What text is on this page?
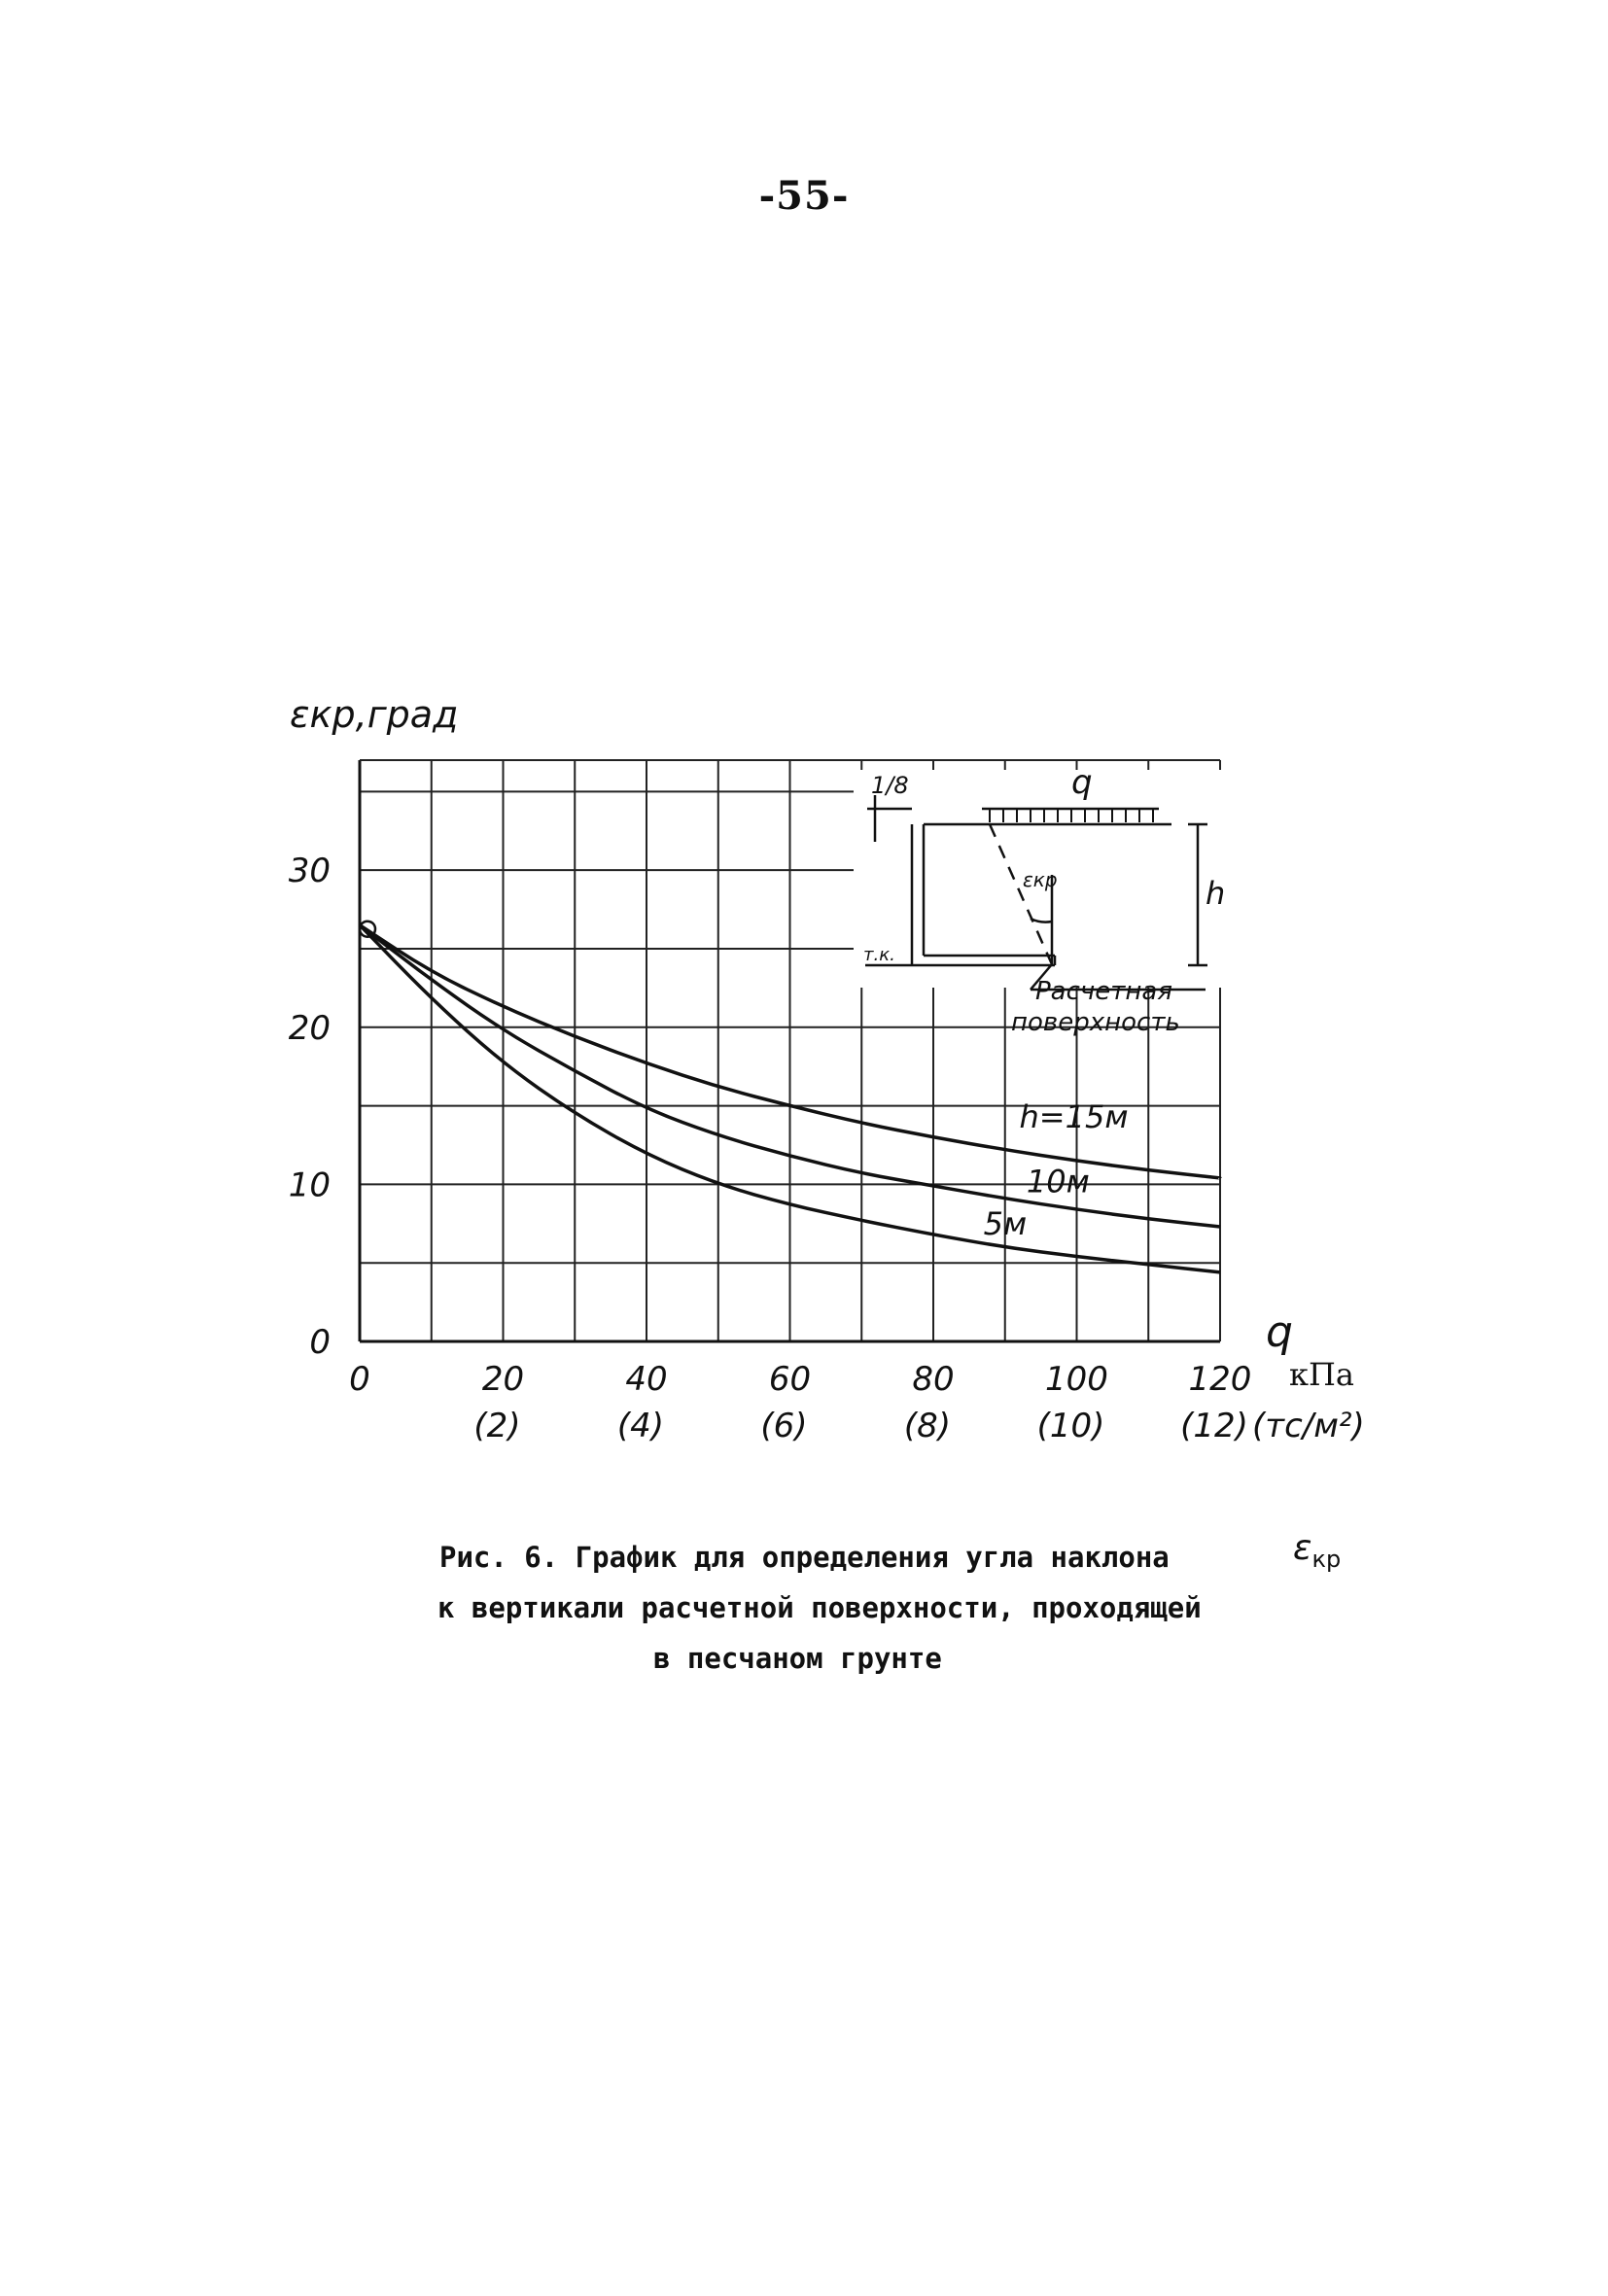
-55-
0	20
(2)
40
(4)
60
(6)
80
(8)
100
(10)
120
(12)
0
10
20
30
h=15м
10м
5м
εкр,град
q
кПа
(тс/м²)
q
1/8
h
εкр
т.к.
Расчетная
поверхность
Рис. 6. График для определения угла наклона	$\varepsilon_{кр}$
к вертикали расчетной поверхности, проходящей
в песчаном грунте
